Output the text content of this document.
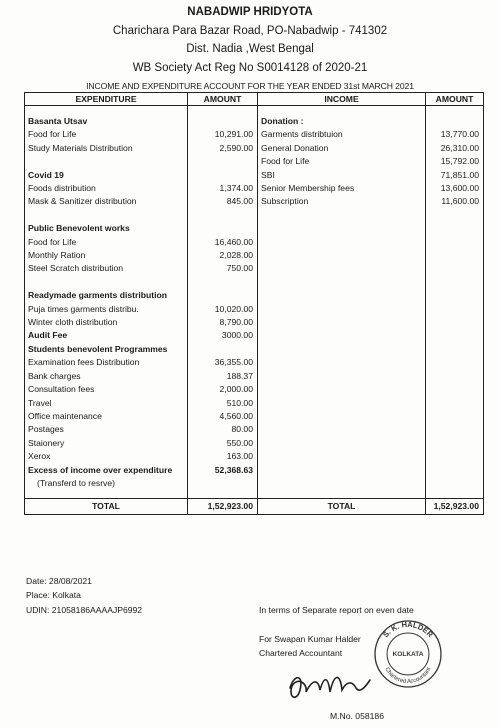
NABADWIP HRIDYOTA
Charichara Para Bazar Road, PO-Nabadwip - 741302
Dist. Nadia ,West Bengal
WB Society Act Reg No S0014128 of 2020-21
INCOME AND EXPENDITURE ACCOUNT FOR THE YEAR ENDED 31st MARCH 2021
EXPENDITURE	AMOUNT	INCOME	AMOUNT

Basanta Utsav		Donation :	
Food for Life	10,291.00	Garments distribtuion	13,770.00
Study Materials Distribution	2,590.00	General Donation	26,310.00
		Food for Life	15,792.00
Covid 19		SBI	71,851.00
Foods distribution	1,374.00	Senior Membership fees	13,600.00
Mask & Sanitizer distribution	845.00	Subscription	11,600.00

Public Benevolent works			
Food for Life	16,460.00		
Monthly Ration	2,028.00		
Steel Scratch distribution	750.00		

Readymade garments distribution			
Puja times garments distribu.	10,020.00		
Winter cloth distribution	8,790.00		
Audit Fee	3000.00		
Students benevolent Programmes			
Examination fees Distribution	36,355.00		
Bank charges	188.37		
Consultation fees	2,000.00		
Travel	510.00		
Office maintenance	4,560.00		
Postages	80.00		
Staionery	550.00		
Xerox	163.00		
Excess of income over expenditure	52,368.63		
(Transferd to resrve)			

TOTAL	1,52,923.00	TOTAL	1,52,923.00
Date: 28/08/2021
Place: Kolkata
UDIN: 21058186AAAAJP6992	In terms of Separate report on even date
For Swapan Kumar Halder
Chartered Accountant
M.No. 058186
S. K. HALDER
Chartered Accountant
KOLKATA
